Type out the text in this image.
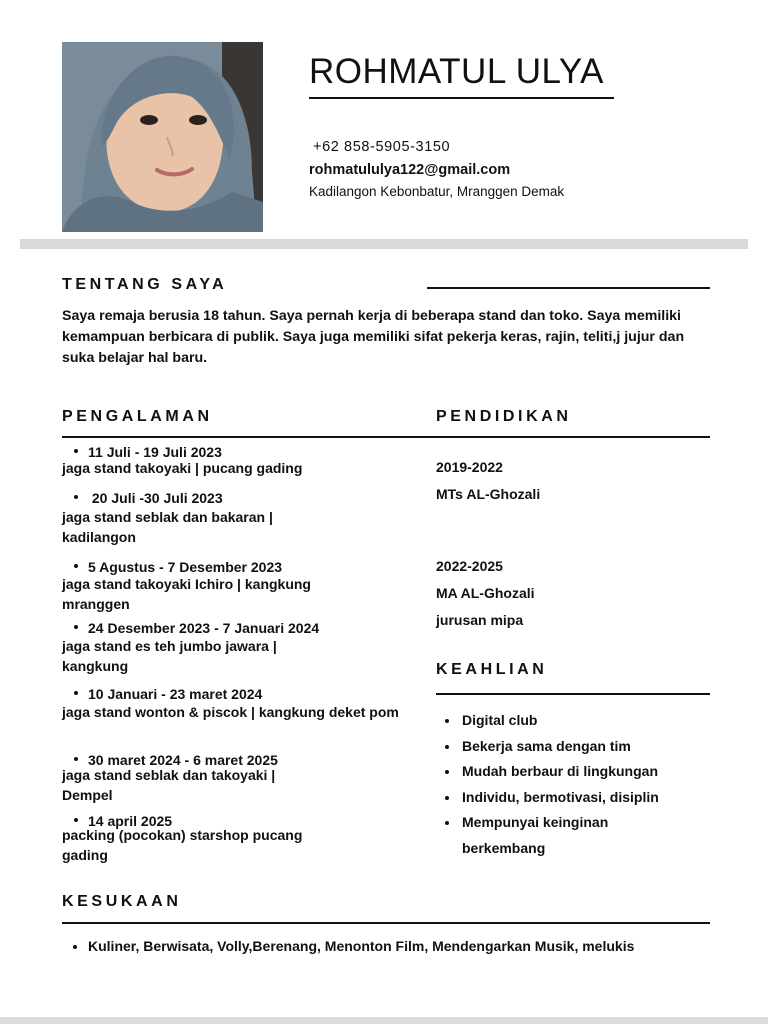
ROHMATUL ULYA
+62 858-5905-3150
rohmatululya122@gmail.com
Kadilangon Kebonbatur, Mranggen Demak
TENTANG SAYA
Saya remaja berusia 18 tahun. Saya pernah kerja di beberapa stand dan toko. Saya memiliki kemampuan berbicara di publik. Saya juga memiliki sifat pekerja keras, rajin, teliti,j jujur dan suka belajar hal baru.
PENGALAMAN
11 Juli - 19 Juli 2023
jaga stand takoyaki | pucang gading
20 Juli -30 Juli 2023
jaga stand seblak dan bakaran | kadilangon
5 Agustus - 7 Desember 2023
jaga stand takoyaki Ichiro | kangkung mranggen
24 Desember 2023 - 7 Januari 2024
jaga stand es teh jumbo jawara | kangkung
10 Januari - 23 maret 2024
jaga stand wonton & piscok | kangkung deket pom
30 maret 2024 - 6 maret 2025
jaga stand seblak dan takoyaki | Dempel
14 april 2025
packing (pocokan) starshop pucang gading
PENDIDIKAN
2019-2022
MTs AL-Ghozali
2022-2025
MA AL-Ghozali
jurusan mipa
KEAHLIAN
Digital club
Bekerja sama dengan tim
Mudah berbaur di lingkungan
Individu, bermotivasi, disiplin
Mempunyai keinginan berkembang
KESUKAAN
Kuliner, Berwisata, Volly,Berenang, Menonton Film, Mendengarkan Musik, melukis
